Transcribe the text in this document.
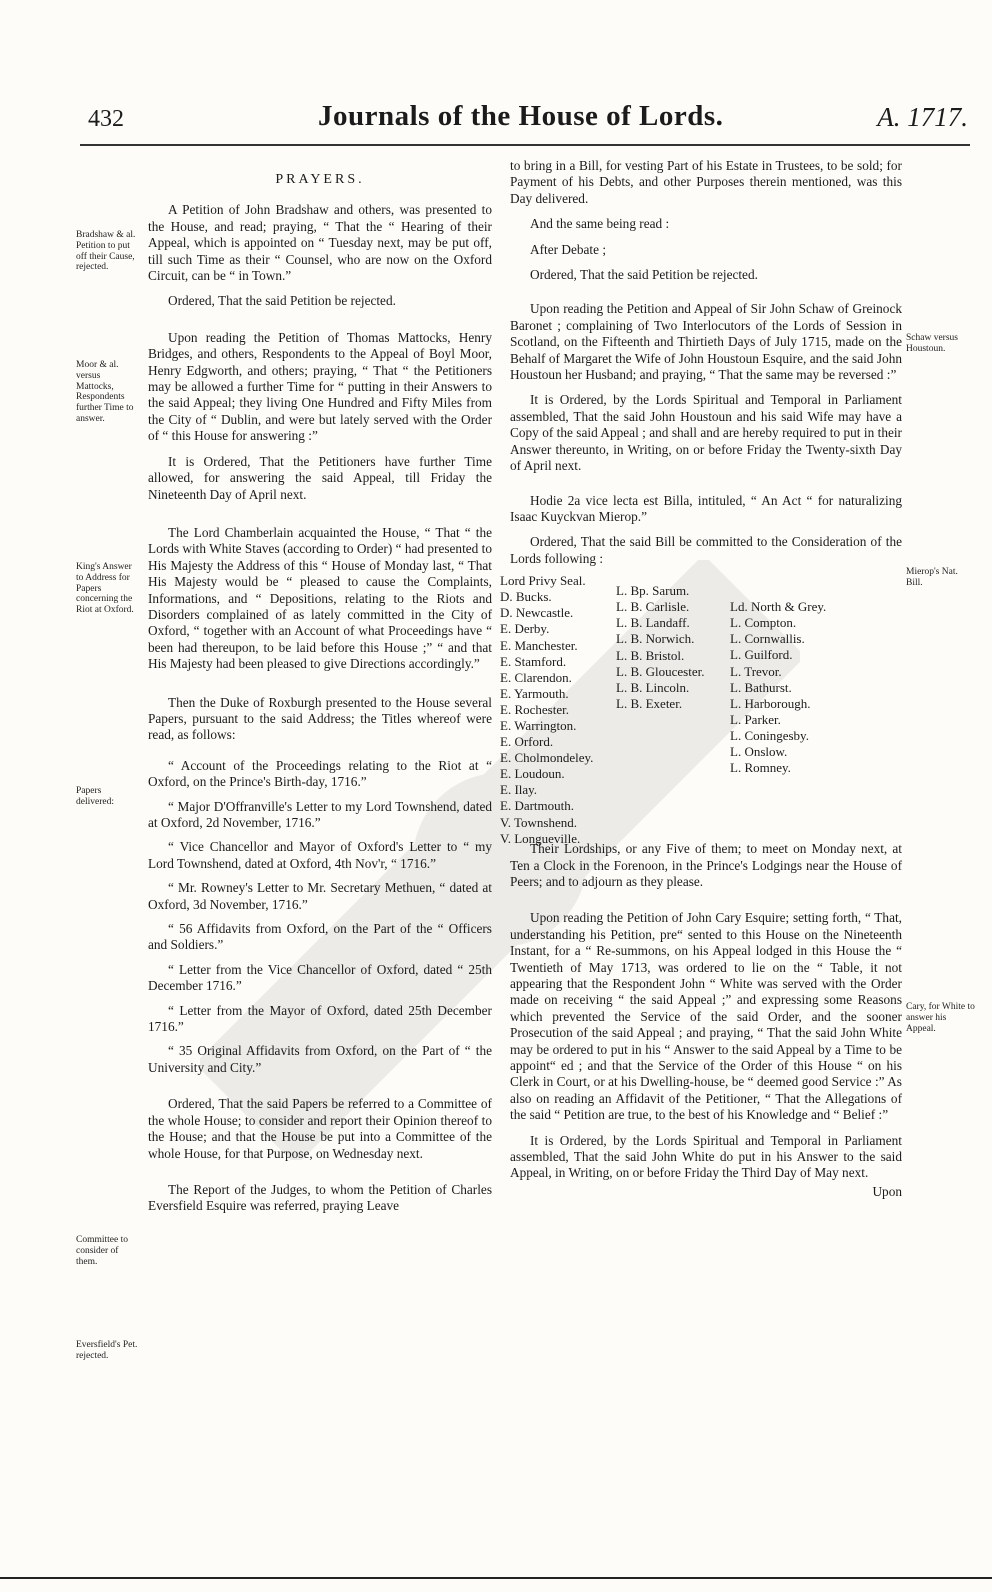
432	Journals of the House of Lords.	A. 1717.
Bradshaw & al. Petition to put off their Cause, rejected.
Moor & al. versus Mattocks, Respondents further Time to answer.
King's Answer to Address for Papers concerning the Riot at Oxford.
Papers delivered:
Committee to consider of them.
Eversfield's Pet. rejected.
Schaw versus Houstoun.
Mierop's Nat. Bill.
Cary, for White to answer his Appeal.
PRAYERS.

A Petition of John Bradshaw and others, was presented to the House, and read; praying, “ That the “ Hearing of their Appeal, which is appointed on “ Tuesday next, may be put off, till such Time as their “ Counsel, who are now on the Oxford Circuit, can be “ in Town.”

Ordered, That the said Petition be rejected.

Upon reading the Petition of Thomas Mattocks, Henry Bridges, and others, Respondents to the Appeal of Boyl Moor, Henry Edgworth, and others; praying, “ That “ the Petitioners may be allowed a further Time for “ putting in their Answers to the said Appeal; they living One Hundred and Fifty Miles from the City of “ Dublin, and were but lately served with the Order of “ this House for answering :”

It is Ordered, That the Petitioners have further Time allowed, for answering the said Appeal, till Friday the Nineteenth Day of April next.

The Lord Chamberlain acquainted the House, “ That “ the Lords with White Staves (according to Order) “ had presented to His Majesty the Address of this “ House of Monday last, “ That His Majesty would be “ pleased to cause the Complaints, Informations, and “ Depositions, relating to the Riots and Disorders complained of as lately committed in the City of Oxford, “ together with an Account of what Proceedings have “ been had thereupon, to be laid before this House ;” “ and that His Majesty had been pleased to give Directions accordingly.”

Then the Duke of Roxburgh presented to the House several Papers, pursuant to the said Address; the Titles whereof were read, as follows:

“ Account of the Proceedings relating to the Riot at “ Oxford, on the Prince's Birth-day, 1716.”

“ Major D'Offranville's Letter to my Lord Townshend, dated at Oxford, 2d November, 1716.”

“ Vice Chancellor and Mayor of Oxford's Letter to “ my Lord Townshend, dated at Oxford, 4th Nov'r, “ 1716.”

“ Mr. Rowney's Letter to Mr. Secretary Methuen, “ dated at Oxford, 3d November, 1716.”

“ 56 Affidavits from Oxford, on the Part of the “ Officers and Soldiers.”

“ Letter from the Vice Chancellor of Oxford, dated “ 25th December 1716.”

“ Letter from the Mayor of Oxford, dated 25th December 1716.”

“ 35 Original Affidavits from Oxford, on the Part of “ the University and City.”

Ordered, That the said Papers be referred to a Committee of the whole House; to consider and report their Opinion thereof to the House; and that the House be put into a Committee of the whole House, for that Purpose, on Wednesday next.

The Report of the Judges, to whom the Petition of Charles Eversfield Esquire was referred, praying Leave

to bring in a Bill, for vesting Part of his Estate in Trustees, to be sold; for Payment of his Debts, and other Purposes therein mentioned, was this Day delivered.

And the same being read :

After Debate ;

Ordered, That the said Petition be rejected.

Upon reading the Petition and Appeal of Sir John Schaw of Greinock Baronet ; complaining of Two Interlocutors of the Lords of Session in Scotland, on the Fifteenth and Thirtieth Days of July 1715, made on the Behalf of Margaret the Wife of John Houstoun Esquire, and the said John Houstoun her Husband; and praying, “ That the same may be reversed :”

It is Ordered, by the Lords Spiritual and Temporal in Parliament assembled, That the said John Houstoun and his said Wife may have a Copy of the said Appeal ; and shall and are hereby required to put in their Answer thereunto, in Writing, on or before Friday the Twenty-sixth Day of April next.

Hodie 2a vice lecta est Billa, intituled, “ An Act “ for naturalizing Isaac Kuyckvan Mierop.”

Ordered, That the said Bill be committed to the Consideration of the Lords following :

Lord Privy Seal.
D. Bucks.
D. Newcastle.
E. Derby.
E. Manchester.
E. Stamford.
E. Clarendon.
E. Yarmouth.
E. Rochester.
E. Warrington.
E. Orford.
E. Cholmondeley.
E. Loudoun.
E. Ilay.
E. Dartmouth.
V. Townshend.
V. Longueville.
L. Bp. Sarum.
L. B. Carlisle.
L. B. Landaff.
L. B. Norwich.
L. B. Bristol.
L. B. Gloucester.
L. B. Lincoln.
L. B. Exeter.
Ld. North & Grey.
L. Compton.
L. Cornwallis.
L. Guilford.
L. Trevor.
L. Bathurst.
L. Harborough.
L. Parker.
L. Coningesby.
L. Onslow.
L. Romney.

Their Lordships, or any Five of them; to meet on Monday next, at Ten a Clock in the Forenoon, in the Prince's Lodgings near the House of Peers; and to adjourn as they please.

Upon reading the Petition of John Cary Esquire; setting forth, “ That, understanding his Petition, pre“ sented to this House on the Nineteenth Instant, for a “ Re-summons, on his Appeal lodged in this House the “ Twentieth of May 1713, was ordered to lie on the “ Table, it not appearing that the Respondent John “ White was served with the Order made on receiving “ the said Appeal ;” and expressing some Reasons which prevented the Service of the said Order, and the sooner Prosecution of the said Appeal ; and praying, “ That the said John White may be ordered to put in his “ Answer to the said Appeal by a Time to be appoint“ ed ; and that the Service of the Order of this House “ on his Clerk in Court, or at his Dwelling-house, be “ deemed good Service :” As also on reading an Affidavit of the Petitioner, “ That the Allegations of the said “ Petition are true, to the best of his Knowledge and “ Belief :”

It is Ordered, by the Lords Spiritual and Temporal in Parliament assembled, That the said John White do put in his Answer to the said Appeal, in Writing, on or before Friday the Third Day of May next.

Upon
